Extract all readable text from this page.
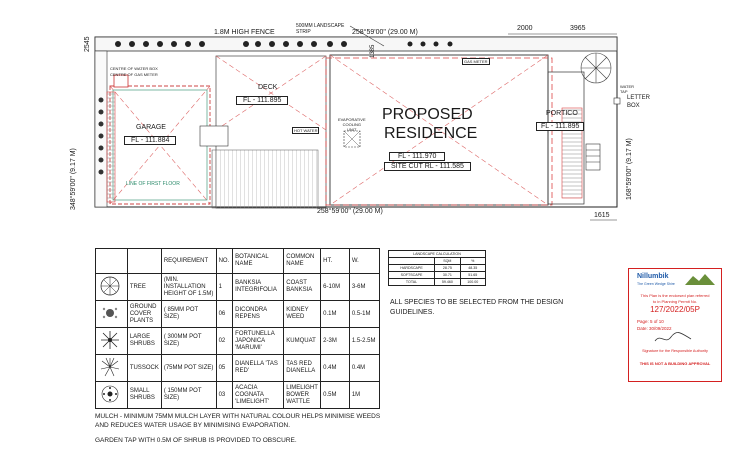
1.8M HIGH FENCE
500MM LANDSCAPE STRIP	258°59'00" (29.00 M)
2000	3965
2545	1385
1615
258°59'00" (29.00 M)
348°59'00" (9.17 M)	168°59'00" (9.17 M)
DECK
FL - 111.895
GARAGE
FL - 111.884
LINE OF FIRST FLOOR
PROPOSED
RESIDENCE
FL - 111.970
SITE CUT RL - 111.585
EVAPORATIVE
COOLING
UNIT
PORTICO
FL - 111.895
LETTER
BOX
WATER
TAP
CENTRE OF WATER BOX
CENTRE OF GAS METER
HOT WATER
GAS METER
		REQUIREMENT	NO.	BOTANICAL NAME	COMMON NAME	HT.	W.
	TREE	(MIN. INSTALLATION HEIGHT OF 1.5M)	1	BANKSIA INTEGRIFOLIA	COAST BANKSIA	6-10M	3-6M
	GROUND COVER PLANTS	( 85MM POT SIZE)	06	DICONDRA REPENS	KIDNEY WEED	0.1M	0.5-1M
	LARGE SHRUBS	( 300MM POT SIZE)	02	FORTUNELLA JAPONICA 'MARUMI'	KUMQUAT	2-3M	1.5-2.5M
	TUSSOCK	(75MM POT SIZE)	05	DIANELLA 'TAS RED'	TAS RED DIANELLA	0.4M	0.4M
	SMALL SHRUBS	( 150MM POT SIZE)	03	ACACIA COGNATA 'LIMELIGHT'	LIMELIGHT BOWER WATTLE	0.5M	1M
LANDSCAPE CALCULATION		
	SQM	%
HARDSCAPE	28.75	48.35
SOFTSCAPE	30.71	51.65
TOTAL	59.460	100.00
ALL SPECIES TO BE SELECTED FROM THE DESIGN GUIDELINES.

MULCH - MINIMUM 75MM MULCH LAYER WITH NATURAL COLOUR HELPS MINIMISE WEEDS AND REDUCES WATER USAGE BY MINIMISING EVAPORATION.

GARDEN TAP WITH 0.5M OF SHRUB IS PROVIDED TO OBSCURE.

Nillumbik
The Green Wedge Shire
This Plan is the endorsed plan referred
to in Planning Permit No.
127/2022/05P
Page: 5 of 10
Date: 30/09/2022
Signature for the Responsible Authority
THIS IS NOT A BUILDING APPROVAL
